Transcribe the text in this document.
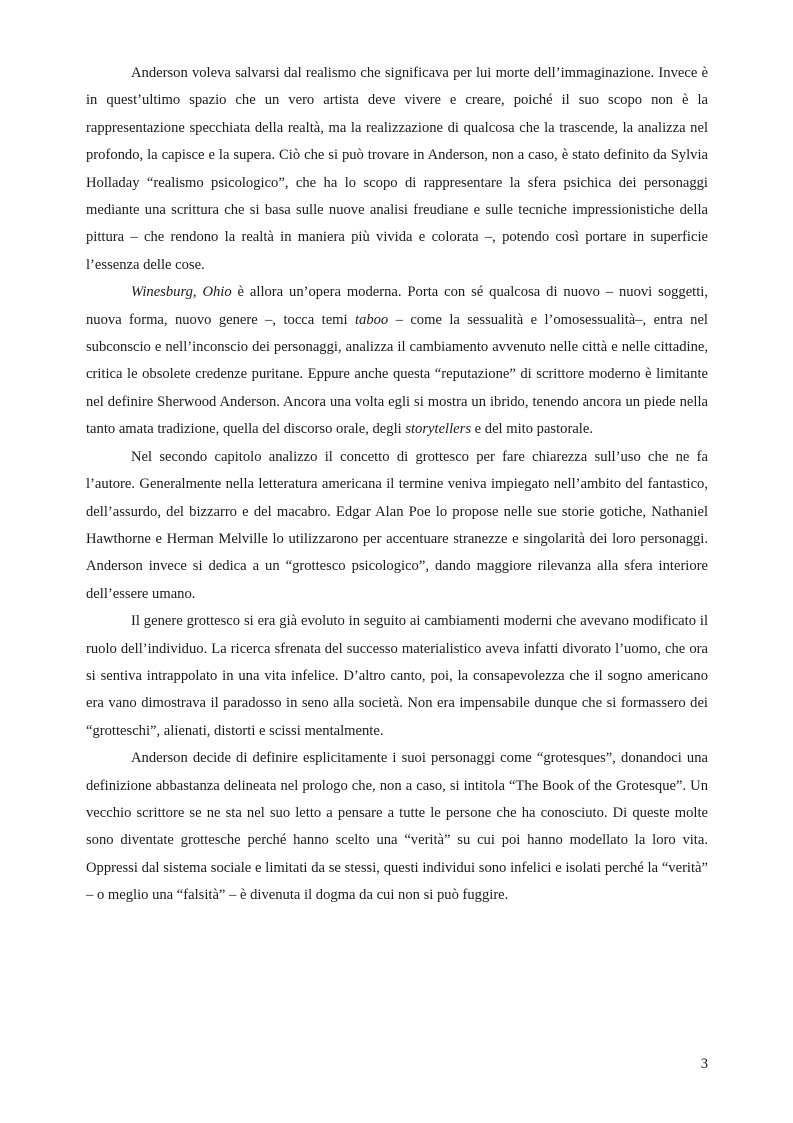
Anderson voleva salvarsi dal realismo che significava per lui morte dell’immaginazione. Invece è in quest’ultimo spazio che un vero artista deve vivere e creare, poiché il suo scopo non è la rappresentazione specchiata della realtà, ma la realizzazione di qualcosa che la trascende, la analizza nel profondo, la capisce e la supera. Ciò che si può trovare in Anderson, non a caso, è stato definito da Sylvia Holladay “realismo psicologico”, che ha lo scopo di rappresentare la sfera psichica dei personaggi mediante una scrittura che si basa sulle nuove analisi freudiane e sulle tecniche impressionistiche della pittura – che rendono la realtà in maniera più vivida e colorata –, potendo così portare in superficie l’essenza delle cose.

Winesburg, Ohio è allora un’opera moderna. Porta con sé qualcosa di nuovo – nuovi soggetti, nuova forma, nuovo genere –, tocca temi taboo – come la sessualità e l’omosessualità–, entra nel subconscio e nell’inconscio dei personaggi, analizza il cambiamento avvenuto nelle città e nelle cittadine, critica le obsolete credenze puritane. Eppure anche questa “reputazione” di scrittore moderno è limitante nel definire Sherwood Anderson. Ancora una volta egli si mostra un ibrido, tenendo ancora un piede nella tanto amata tradizione, quella del discorso orale, degli storytellers e del mito pastorale.

Nel secondo capitolo analizzo il concetto di grottesco per fare chiarezza sull’uso che ne fa l’autore. Generalmente nella letteratura americana il termine veniva impiegato nell’ambito del fantastico, dell’assurdo, del bizzarro e del macabro. Edgar Alan Poe lo propose nelle sue storie gotiche, Nathaniel Hawthorne e Herman Melville lo utilizzarono per accentuare stranezze e singolarità dei loro personaggi. Anderson invece si dedica a un “grottesco psicologico”, dando maggiore rilevanza alla sfera interiore dell’essere umano.

Il genere grottesco si era già evoluto in seguito ai cambiamenti moderni che avevano modificato il ruolo dell’individuo. La ricerca sfrenata del successo materialistico aveva infatti divorato l’uomo, che ora si sentiva intrappolato in una vita infelice. D’altro canto, poi, la consapevolezza che il sogno americano era vano dimostrava il paradosso in seno alla società. Non era impensabile dunque che si formassero dei “grotteschi”, alienati, distorti e scissi mentalmente.

Anderson decide di definire esplicitamente i suoi personaggi come “grotesques”, donandoci una definizione abbastanza delineata nel prologo che, non a caso, si intitola “The Book of the Grotesque”. Un vecchio scrittore se ne sta nel suo letto a pensare a tutte le persone che ha conosciuto. Di queste molte sono diventate grottesche perché hanno scelto una “verità” su cui poi hanno modellato la loro vita. Oppressi dal sistema sociale e limitati da se stessi, questi individui sono infelici e isolati perché la “verità” – o meglio una “falsità” – è divenuta il dogma da cui non si può fuggire.

3
